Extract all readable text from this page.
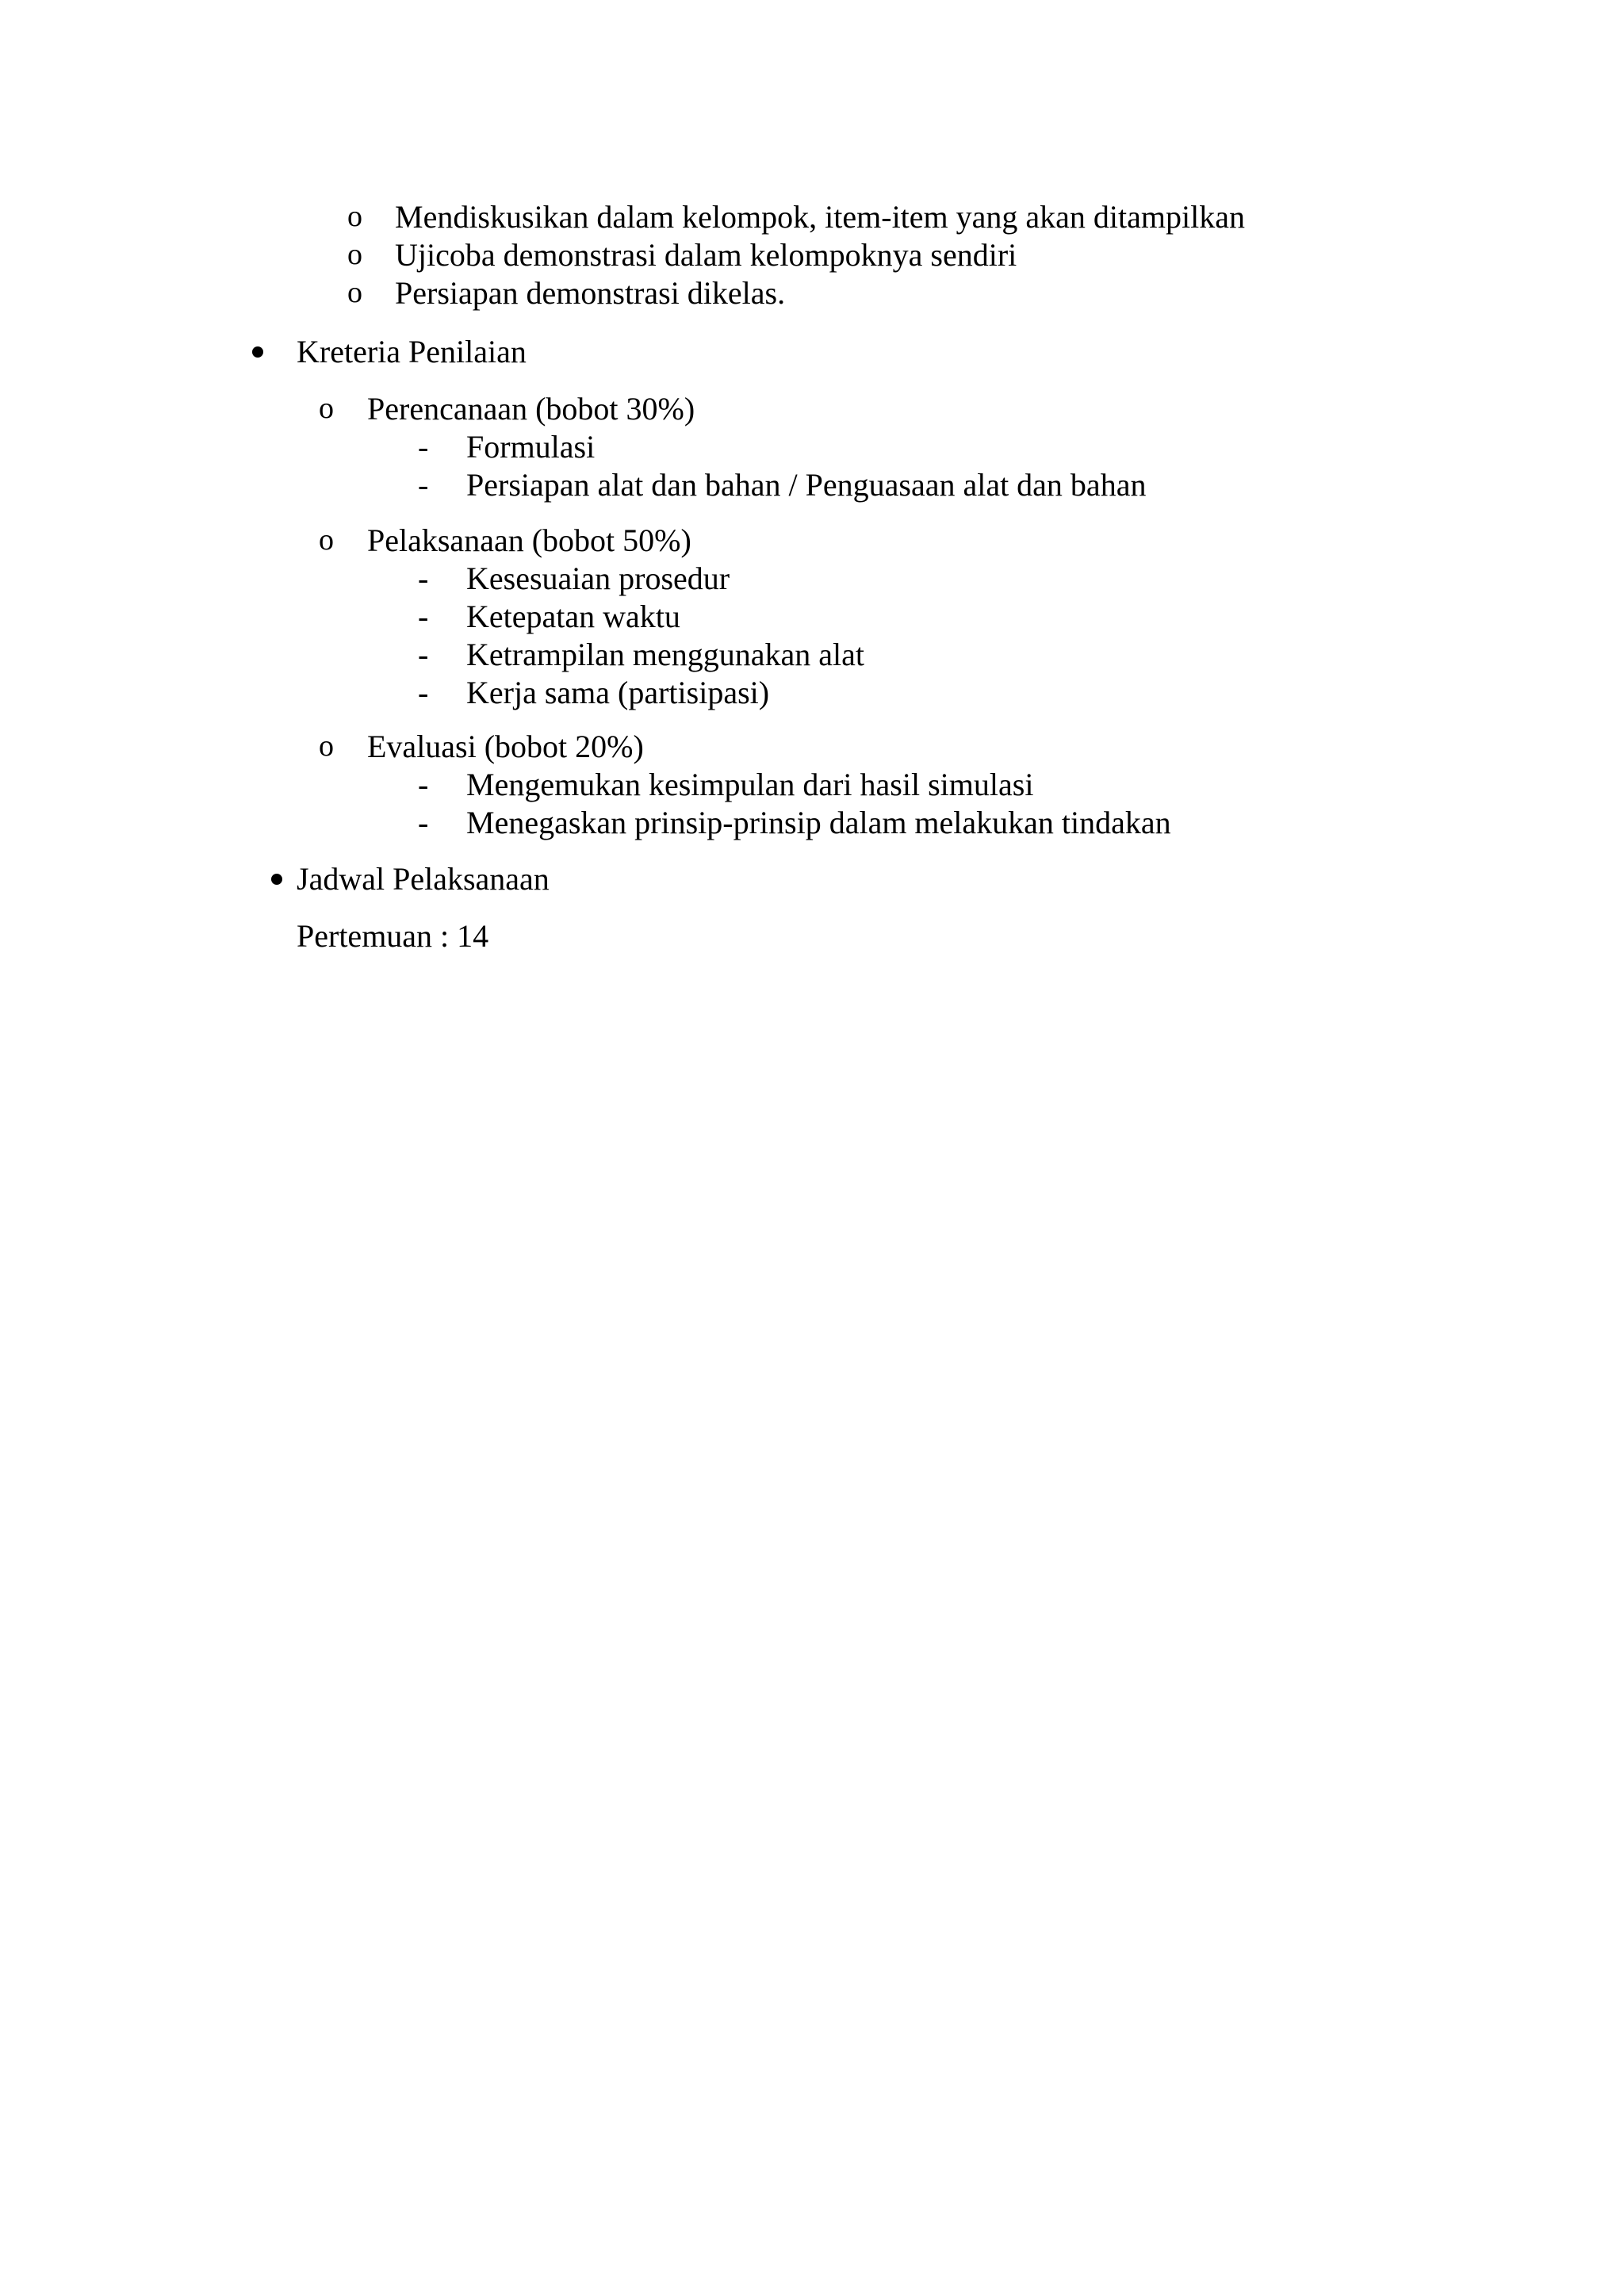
o Mendiskusikan dalam kelompok, item-item yang akan ditampilkan
o Ujicoba demonstrasi dalam kelompoknya sendiri
o Persiapan demonstrasi dikelas.
Kreteria Penilaian
o Perencanaan (bobot 30%)
- Formulasi
- Persiapan alat dan bahan / Penguasaan alat dan bahan
o Pelaksanaan (bobot 50%)
- Kesesuaian prosedur
- Ketepatan waktu
- Ketrampilan menggunakan alat
- Kerja sama (partisipasi)
o Evaluasi (bobot 20%)
- Mengemukan kesimpulan dari hasil simulasi
- Menegaskan prinsip-prinsip dalam melakukan tindakan
Jadwal Pelaksanaan
Pertemuan : 14
